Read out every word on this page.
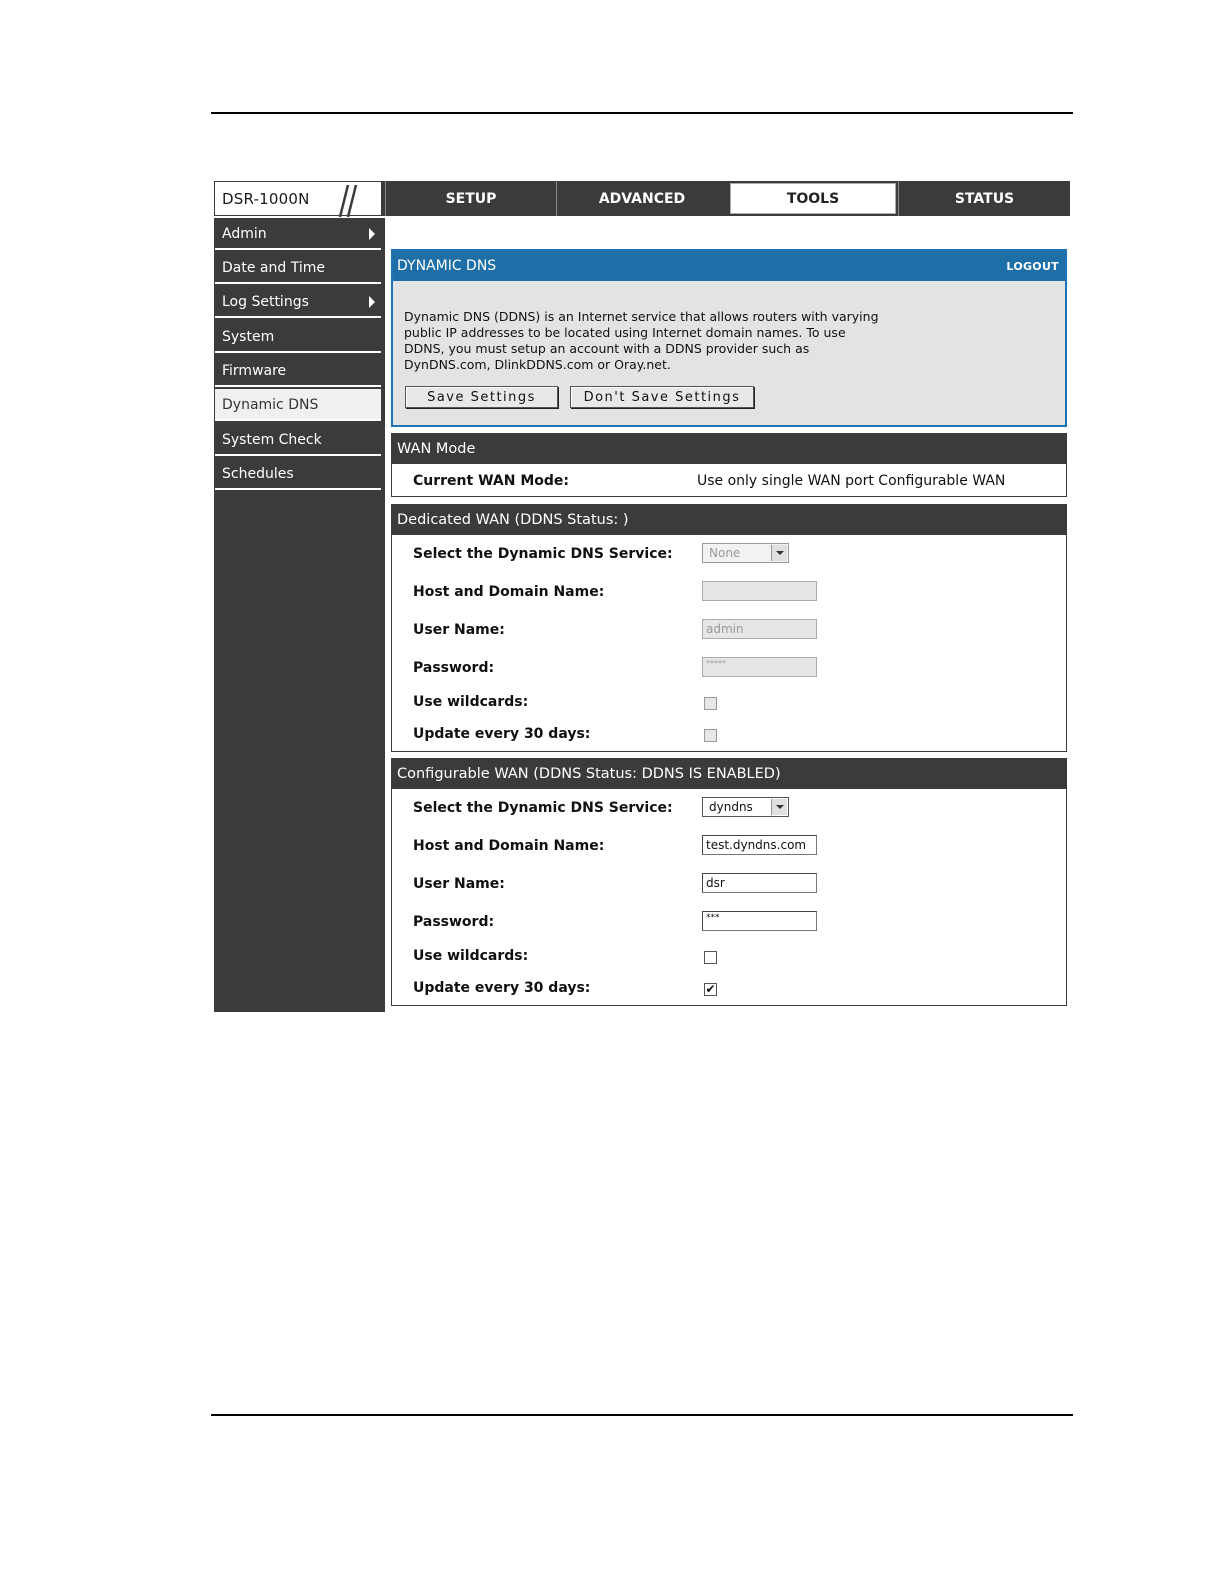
DSR-1000N	SETUP	ADVANCED	TOOLS	STATUS
Admin
Date and Time
Log Settings
System
Firmware
Dynamic DNS
System Check
Schedules
DYNAMIC DNS	LOGOUT
Dynamic DNS (DDNS) is an Internet service that allows routers with varying public IP addresses to be located using Internet domain names. To use DDNS, you must setup an account with a DDNS provider such as DynDNS.com, DlinkDDNS.com or Oray.net.
Save Settings	Don't Save Settings
WAN Mode
Current WAN Mode:	Use only single WAN port Configurable WAN
Dedicated WAN (DDNS Status: )
Select the Dynamic DNS Service:	None
Host and Domain Name:
User Name:	admin
Password:	*****
Use wildcards:
Update every 30 days:
Configurable WAN (DDNS Status: DDNS IS ENABLED)
Select the Dynamic DNS Service:	dyndns
Host and Domain Name:	test.dyndns.com
User Name:	dsr
Password:	***
Use wildcards:
Update every 30 days:	✔
